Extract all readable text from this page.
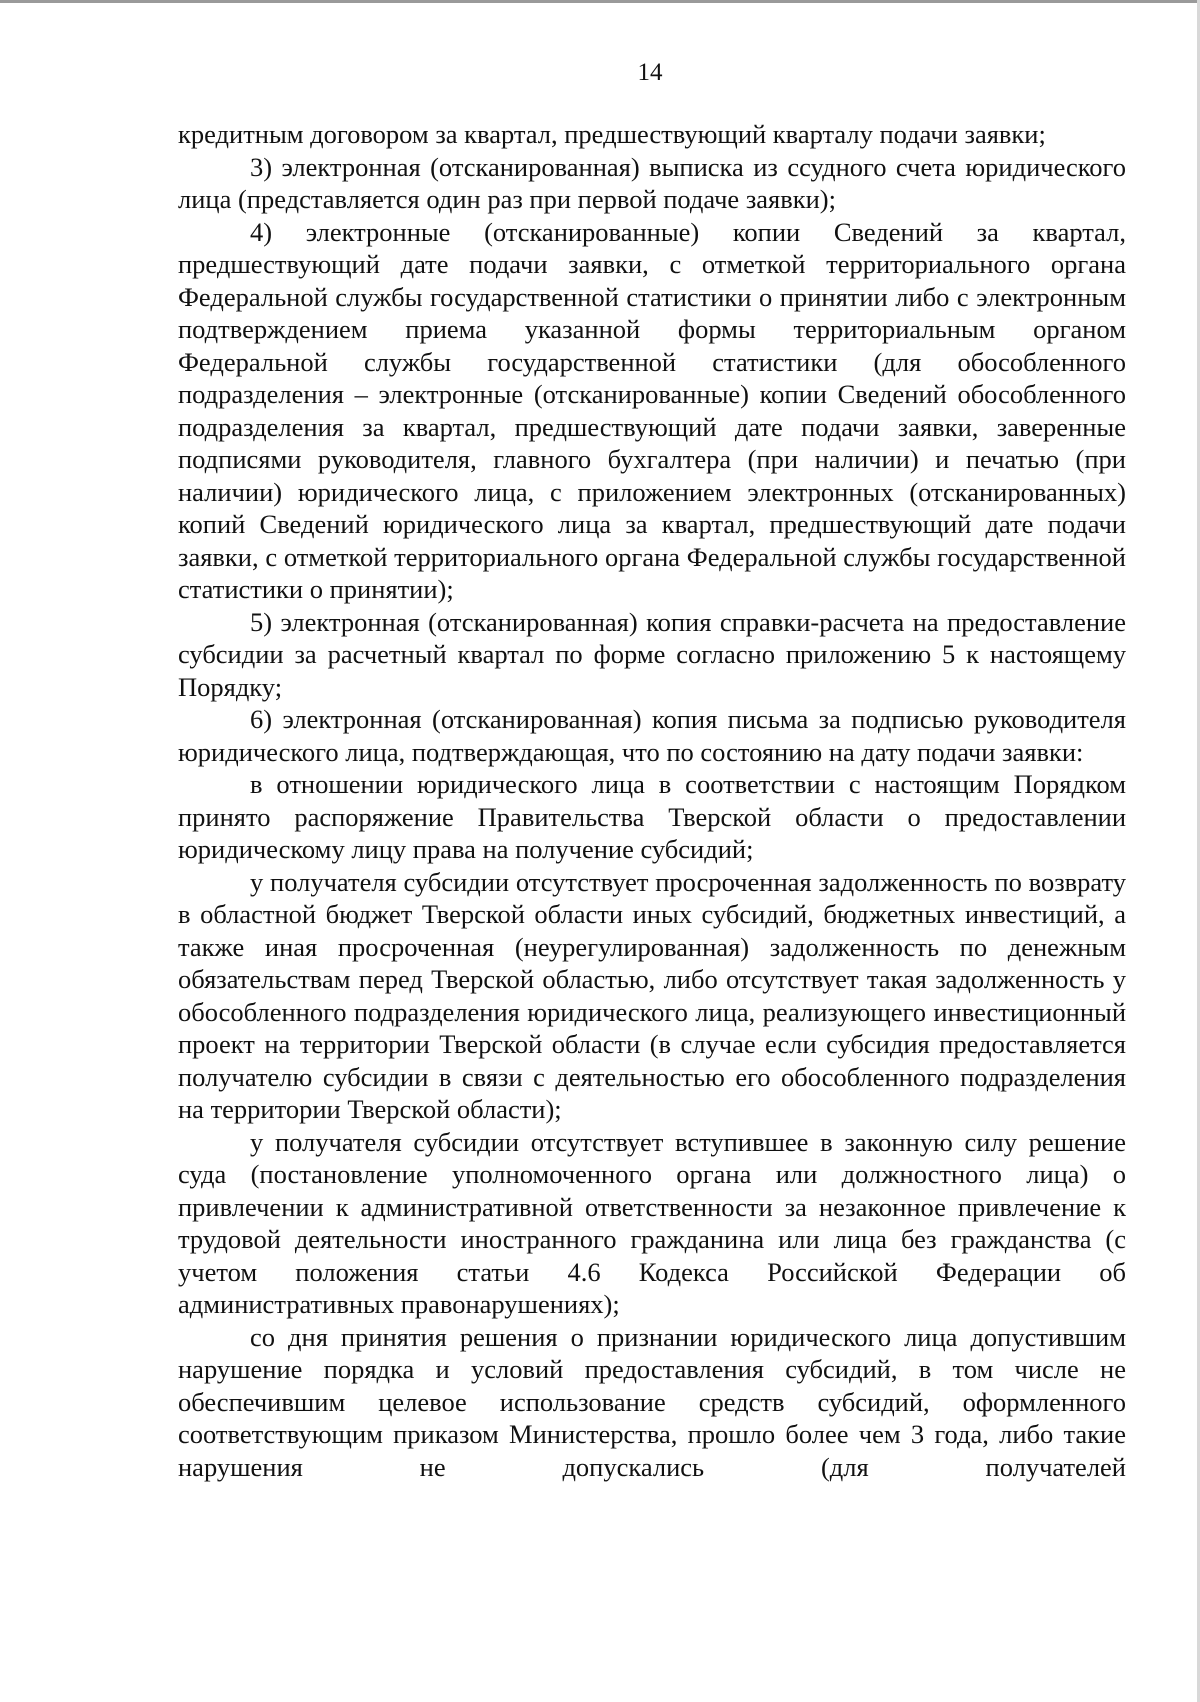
14

кредитным договором за квартал, предшествующий кварталу подачи заявки;

3) электронная (отсканированная) выписка из ссудного счета юридического лица (представляется один раз при первой подаче заявки);

4) электронные (отсканированные) копии Сведений за квартал, предшествующий дате подачи заявки, с отметкой территориального органа Федеральной службы государственной статистики о принятии либо с электронным подтверждением приема указанной формы территориальным органом Федеральной службы государственной статистики (для обособленного подразделения – электронные (отсканированные) копии Сведений обособленного подразделения за квартал, предшествующий дате подачи заявки, заверенные подписями руководителя, главного бухгалтера (при наличии) и печатью (при наличии) юридического лица, с приложением электронных (отсканированных) копий Сведений юридического лица за квартал, предшествующий дате подачи заявки, с отметкой территориального органа Федеральной службы государственной статистики о принятии);

5) электронная (отсканированная) копия справки-расчета на предоставление субсидии за расчетный квартал по форме согласно приложению 5 к настоящему Порядку;

6) электронная (отсканированная) копия письма за подписью руководителя юридического лица, подтверждающая, что по состоянию на дату подачи заявки:

в отношении юридического лица в соответствии с настоящим Порядком принято распоряжение Правительства Тверской области о предоставлении юридическому лицу права на получение субсидий;

у получателя субсидии отсутствует просроченная задолженность по возврату в областной бюджет Тверской области иных субсидий, бюджетных инвестиций, а также иная просроченная (неурегулированная) задолженность по денежным обязательствам перед Тверской областью, либо отсутствует такая задолженность у обособленного подразделения юридического лица, реализующего инвестиционный проект на территории Тверской области (в случае если субсидия предоставляется получателю субсидии в связи с деятельностью его обособленного подразделения на территории Тверской области);

у получателя субсидии отсутствует вступившее в законную силу решение суда (постановление уполномоченного органа или должностного лица) о привлечении к административной ответственности за незаконное привлечение к трудовой деятельности иностранного гражданина или лица без гражданства (с учетом положения статьи 4.6 Кодекса Российской Федерации об административных правонарушениях);

со дня принятия решения о признании юридического лица допустившим нарушение порядка и условий предоставления субсидий, в том числе не обеспечившим целевое использование средств субсидий, оформленного соответствующим приказом Министерства, прошло более чем 3 года, либо такие нарушения не допускались (для получателей
